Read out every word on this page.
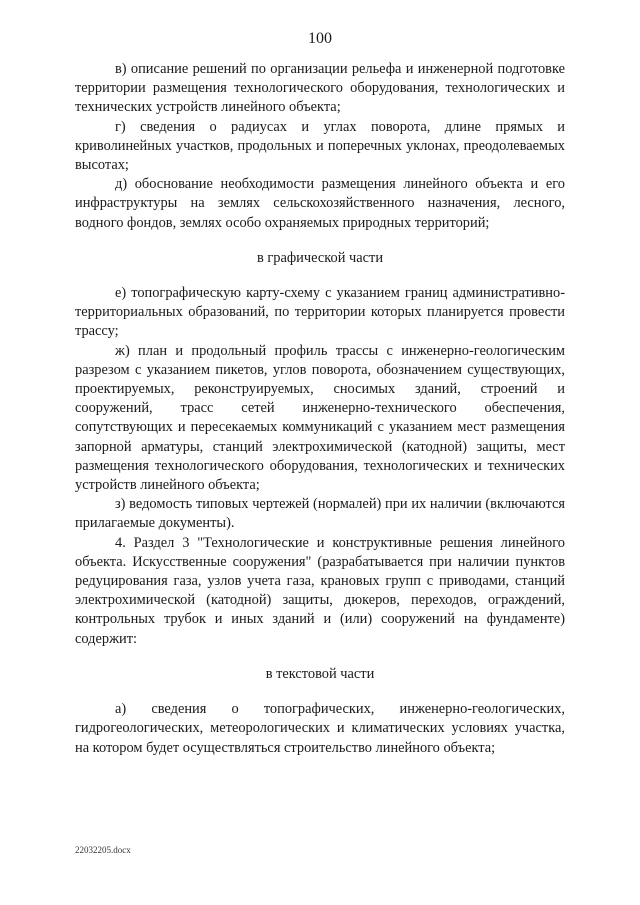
100

в) описание решений по организации рельефа и инженерной подготовке территории размещения технологического оборудования, технологических и технических устройств линейного объекта;

г) сведения о радиусах и углах поворота, длине прямых и криволинейных участков, продольных и поперечных уклонах, преодолеваемых высотах;

д) обоснование необходимости размещения линейного объекта и его инфраструктуры на землях сельскохозяйственного назначения, лесного, водного фондов, землях особо охраняемых природных территорий;

в графической части

е) топографическую карту-схему с указанием границ административно-территориальных образований, по территории которых планируется провести трассу;

ж) план и продольный профиль трассы с инженерно-геологическим разрезом с указанием пикетов, углов поворота, обозначением существующих, проектируемых, реконструируемых, сносимых зданий, строений и сооружений, трасс сетей инженерно-технического обеспечения, сопутствующих и пересекаемых коммуникаций с указанием мест размещения запорной арматуры, станций электрохимической (катодной) защиты, мест размещения технологического оборудования, технологических и технических устройств линейного объекта;

з) ведомость типовых чертежей (нормалей) при их наличии (включаются прилагаемые документы).

4. Раздел 3 "Технологические и конструктивные решения линейного объекта. Искусственные сооружения" (разрабатывается при наличии пунктов редуцирования газа, узлов учета газа, крановых групп с приводами, станций электрохимической (катодной) защиты, дюкеров, переходов, ограждений, контрольных трубок и иных зданий и (или) сооружений на фундаменте) содержит:

в текстовой части

а) сведения о топографических, инженерно-геологических, гидрогеологических, метеорологических и климатических условиях участка, на котором будет осуществляться строительство линейного объекта;

22032205.docx
